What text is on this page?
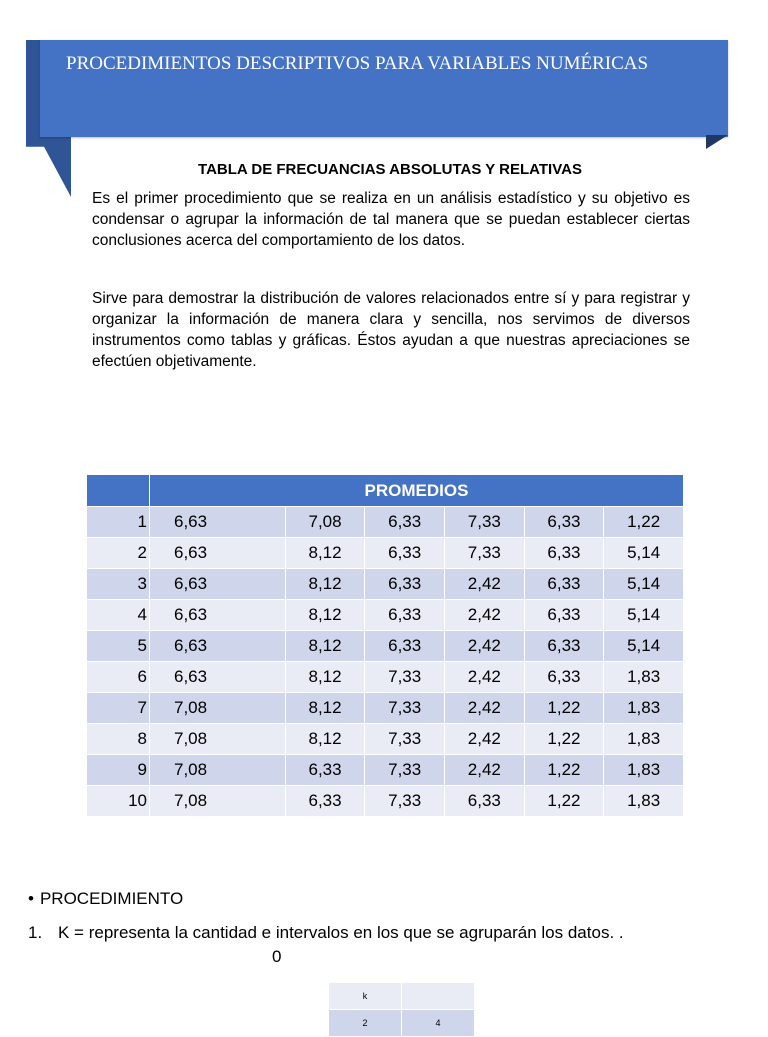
PROCEDIMIENTOS DESCRIPTIVOS PARA VARIABLES NUMÉRICAS
TABLA DE FRECUANCIAS ABSOLUTAS Y RELATIVAS
Es el primer procedimiento que se realiza en un análisis estadístico y su objetivo es condensar o agrupar la información de tal manera que se puedan establecer ciertas conclusiones acerca del comportamiento de los datos.
Sirve para demostrar la distribución de valores relacionados entre sí y para registrar y organizar la información de manera clara y sencilla, nos servimos de diversos instrumentos como tablas y gráficas. Éstos ayudan a que nuestras apreciaciones se efectúen objetivamente.
	PROMEDIOS					
1	6,63	7,08	6,33	7,33	6,33	1,22
2	6,63	8,12	6,33	7,33	6,33	5,14
3	6,63	8,12	6,33	2,42	6,33	5,14
4	6,63	8,12	6,33	2,42	6,33	5,14
5	6,63	8,12	6,33	2,42	6,33	5,14
6	6,63	8,12	7,33	2,42	6,33	1,83
7	7,08	8,12	7,33	2,42	1,22	1,83
8	7,08	8,12	7,33	2,42	1,22	1,83
9	7,08	6,33	7,33	2,42	1,22	1,83
10	7,08	6,33	7,33	6,33	1,22	1,83
• PROCEDIMIENTO
1. K = representa la cantidad e intervalos en los que se agruparán los datos. .
0
k	
2	4
